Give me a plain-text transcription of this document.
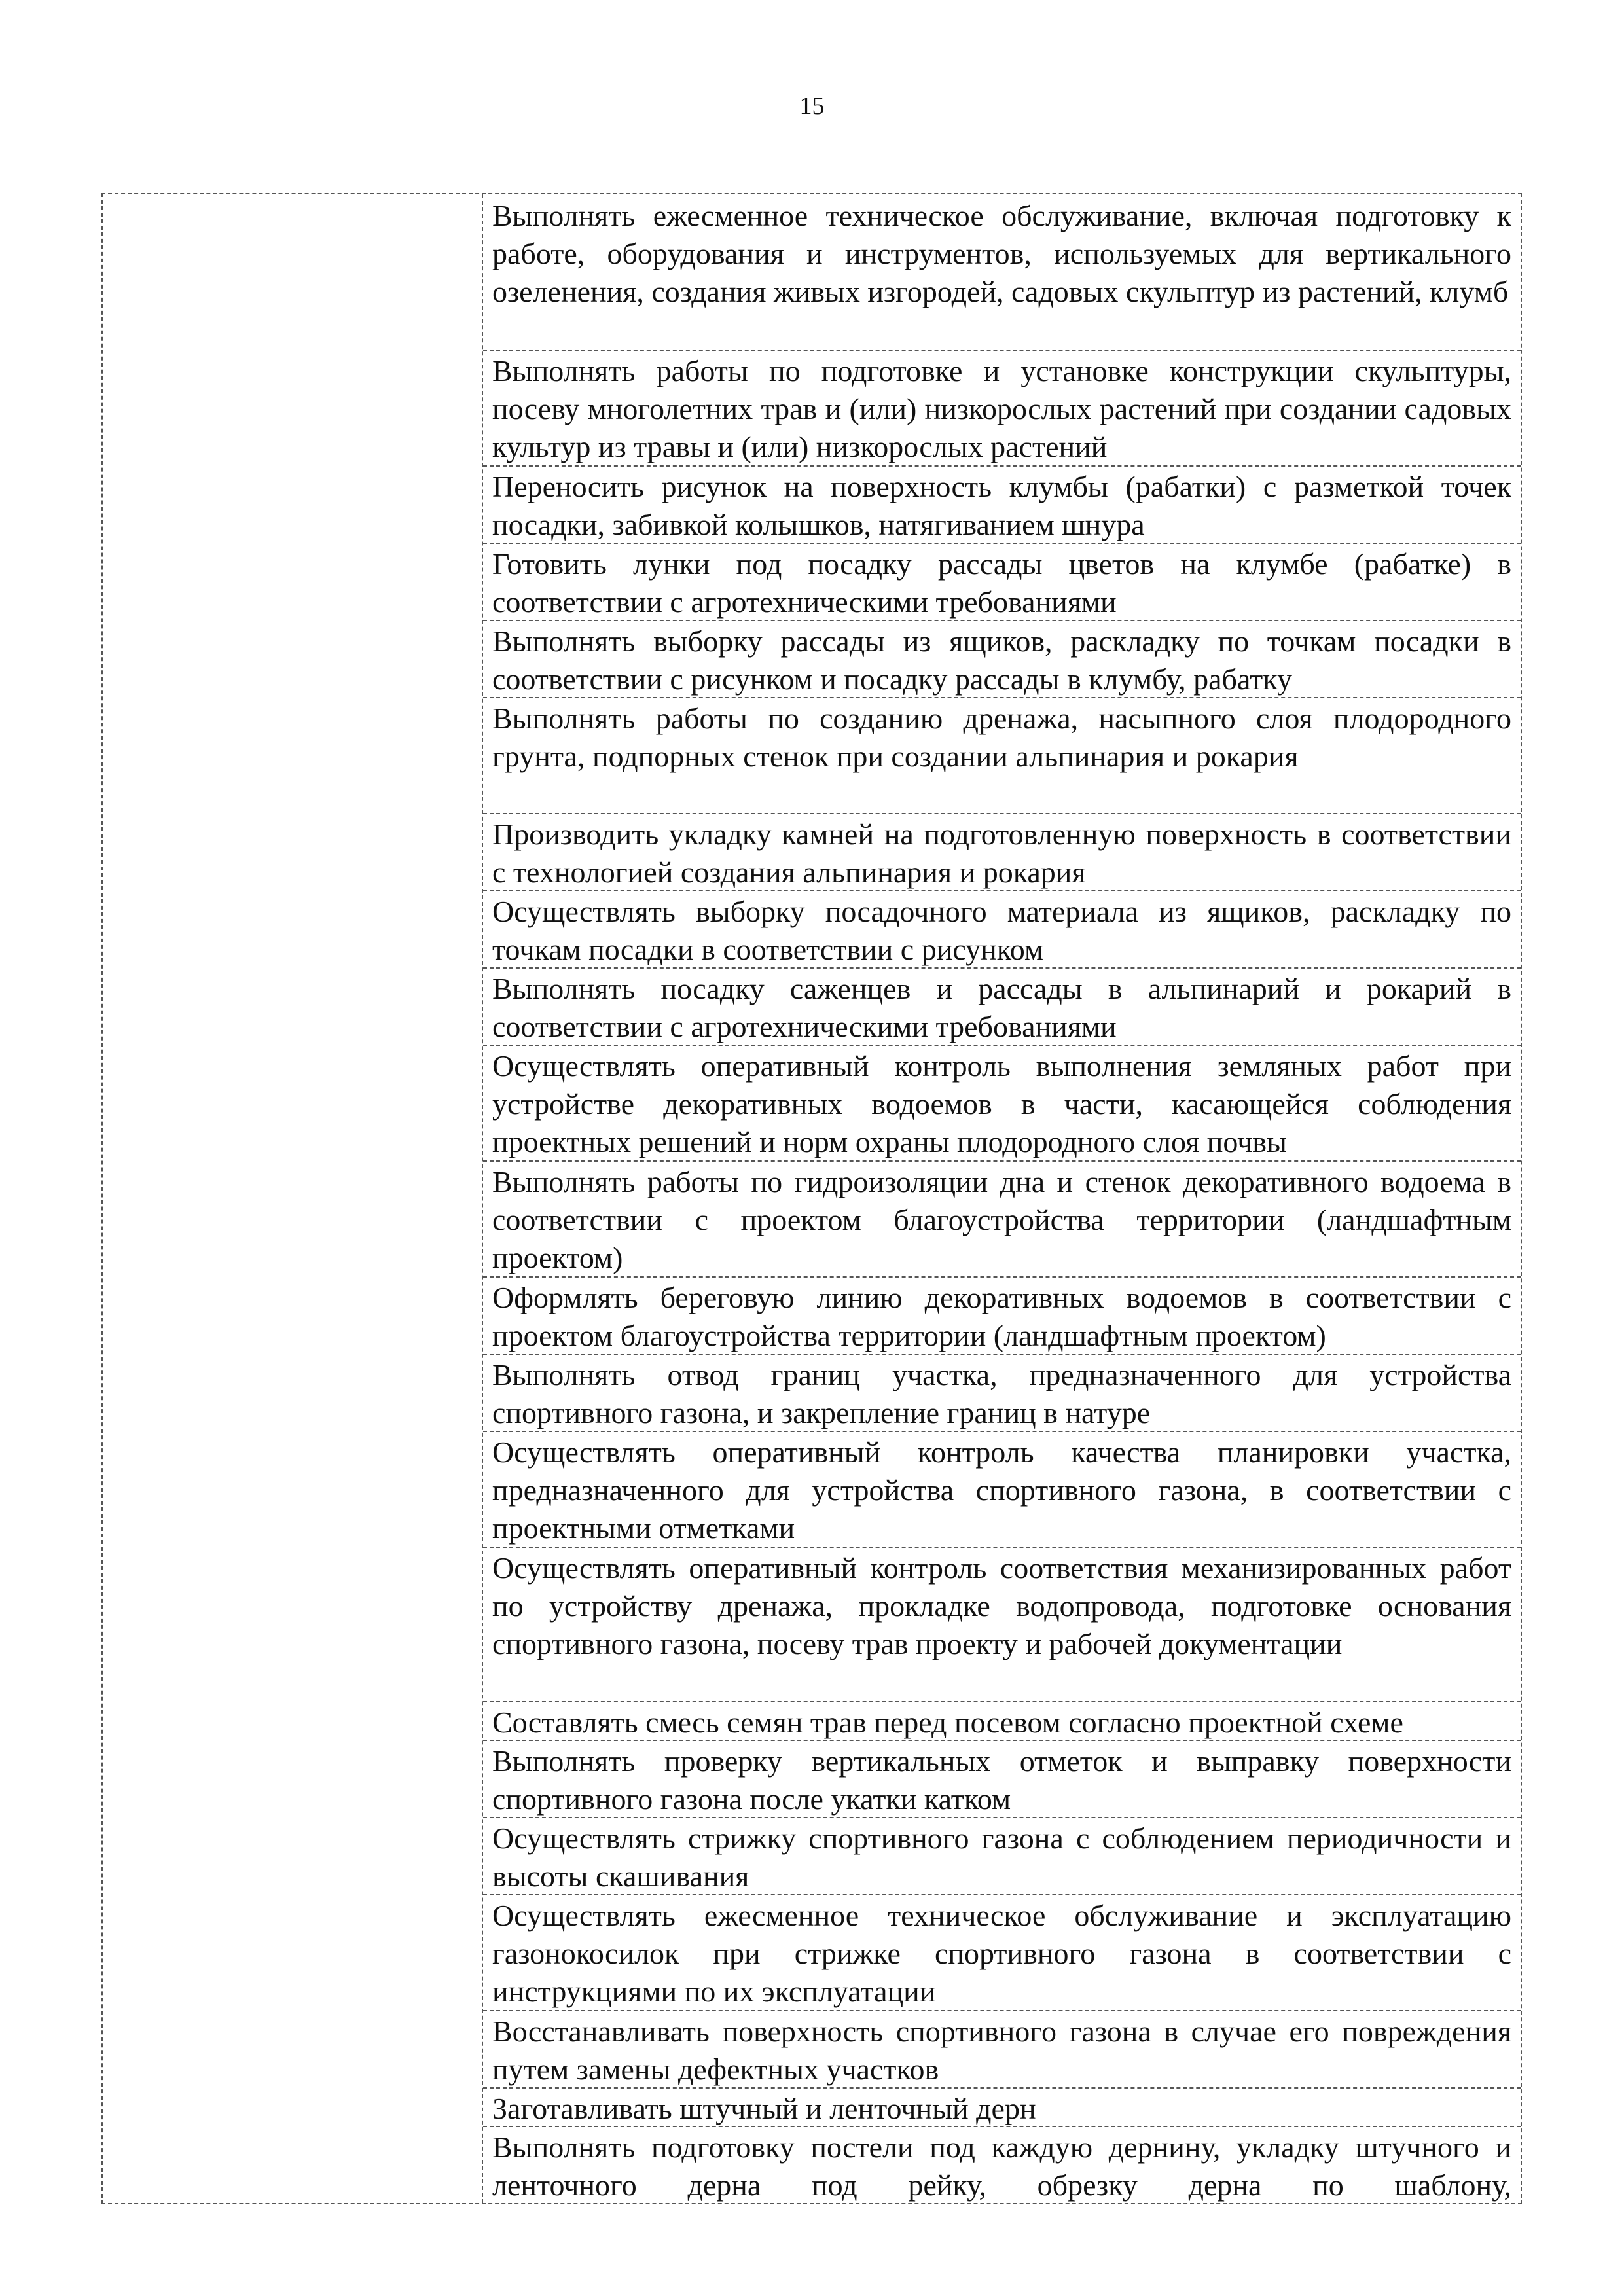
15
Выполнять ежесменное техническое обслуживание, включая подготовку к работе, оборудования и инструментов, используемых для вертикального озеленения, создания живых изгородей, садовых скульптур из растений, клумб
Выполнять работы по подготовке и установке конструкции скульптуры, посеву многолетних трав и (или) низкорослых растений при создании садовых культур из травы и (или) низкорослых растений
Переносить рисунок на поверхность клумбы (рабатки) с разметкой точек посадки, забивкой колышков, натягиванием шнура
Готовить лунки под посадку рассады цветов на клумбе (рабатке) в соответствии с агротехническими требованиями
Выполнять выборку рассады из ящиков, раскладку по точкам посадки в соответствии с рисунком и посадку рассады в клумбу, рабатку
Выполнять работы по созданию дренажа, насыпного слоя плодородного грунта, подпорных стенок при создании альпинария и рокария
Производить укладку камней на подготовленную поверхность в соответствии с технологией создания альпинария и рокария
Осуществлять выборку посадочного материала из ящиков, раскладку по точкам посадки в соответствии с рисунком
Выполнять посадку саженцев и рассады в альпинарий и рокарий в соответствии с агротехническими требованиями
Осуществлять оперативный контроль выполнения земляных работ при устройстве декоративных водоемов в части, касающейся соблюдения проектных решений и норм охраны плодородного слоя почвы
Выполнять работы по гидроизоляции дна и стенок декоративного водоема в соответствии с проектом благоустройства территории (ландшафтным проектом)
Оформлять береговую линию декоративных водоемов в соответствии с проектом благоустройства территории (ландшафтным проектом)
Выполнять отвод границ участка, предназначенного для устройства спортивного газона, и закрепление границ в натуре
Осуществлять оперативный контроль качества планировки участка, предназначенного для устройства спортивного газона, в соответствии с проектными отметками
Осуществлять оперативный контроль соответствия механизированных работ по устройству дренажа, прокладке водопровода, подготовке основания спортивного газона, посеву трав проекту и рабочей документации
Составлять смесь семян трав перед посевом согласно проектной схеме
Выполнять проверку вертикальных отметок и выправку поверхности спортивного газона после укатки катком
Осуществлять стрижку спортивного газона с соблюдением периодичности и высоты скашивания
Осуществлять ежесменное техническое обслуживание и эксплуатацию газонокосилок при стрижке спортивного газона в соответствии с инструкциями по их эксплуатации
Восстанавливать поверхность спортивного газона в случае его повреждения путем замены дефектных участков
Заготавливать штучный и ленточный дерн
Выполнять подготовку постели под каждую дернину, укладку штучного и ленточного дерна под рейку, обрезку дерна по шаблону,
